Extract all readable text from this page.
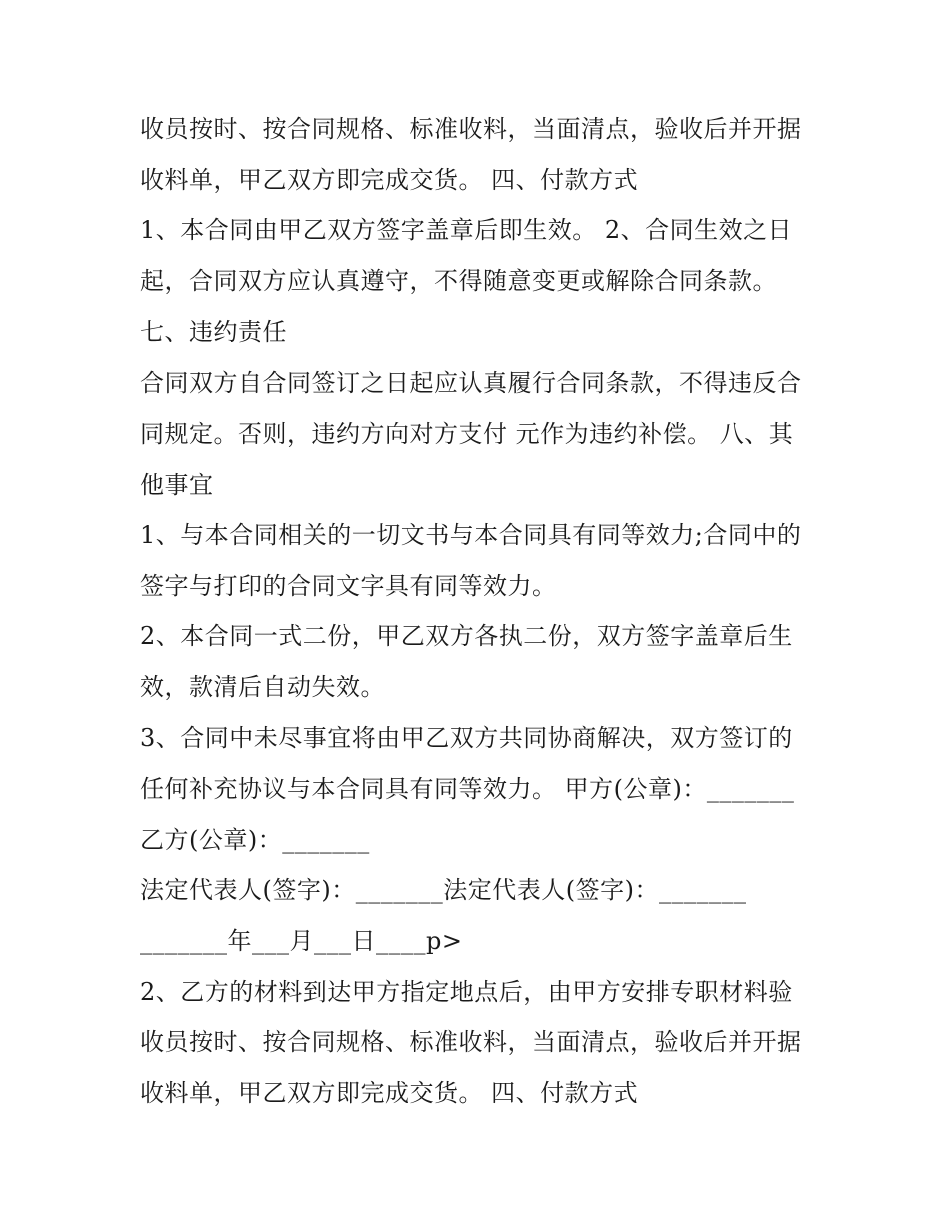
收员按时、按合同规格、标准收料，当面清点，验收后并开据
收料单，甲乙双方即完成交货。 四、付款方式
1、本合同由甲乙双方签字盖章后即生效。 2、合同生效之日
起，合同双方应认真遵守，不得随意变更或解除合同条款。
七、违约责任
合同双方自合同签订之日起应认真履行合同条款，不得违反合
同规定。否则，违约方向对方支付 元作为违约补偿。 八、其
他事宜
1、与本合同相关的一切文书与本合同具有同等效力;合同中的
签字与打印的合同文字具有同等效力。
2、本合同一式二份，甲乙双方各执二份，双方签字盖章后生
效，款清后自动失效。
3、合同中未尽事宜将由甲乙双方共同协商解决，双方签订的
任何补充协议与本合同具有同等效力。 甲方(公章)：_______
乙方(公章)：_______
法定代表人(签字)：_______法定代表人(签字)：_______
_______年___月___日____p>
2、乙方的材料到达甲方指定地点后，由甲方安排专职材料验
收员按时、按合同规格、标准收料，当面清点，验收后并开据
收料单，甲乙双方即完成交货。 四、付款方式
